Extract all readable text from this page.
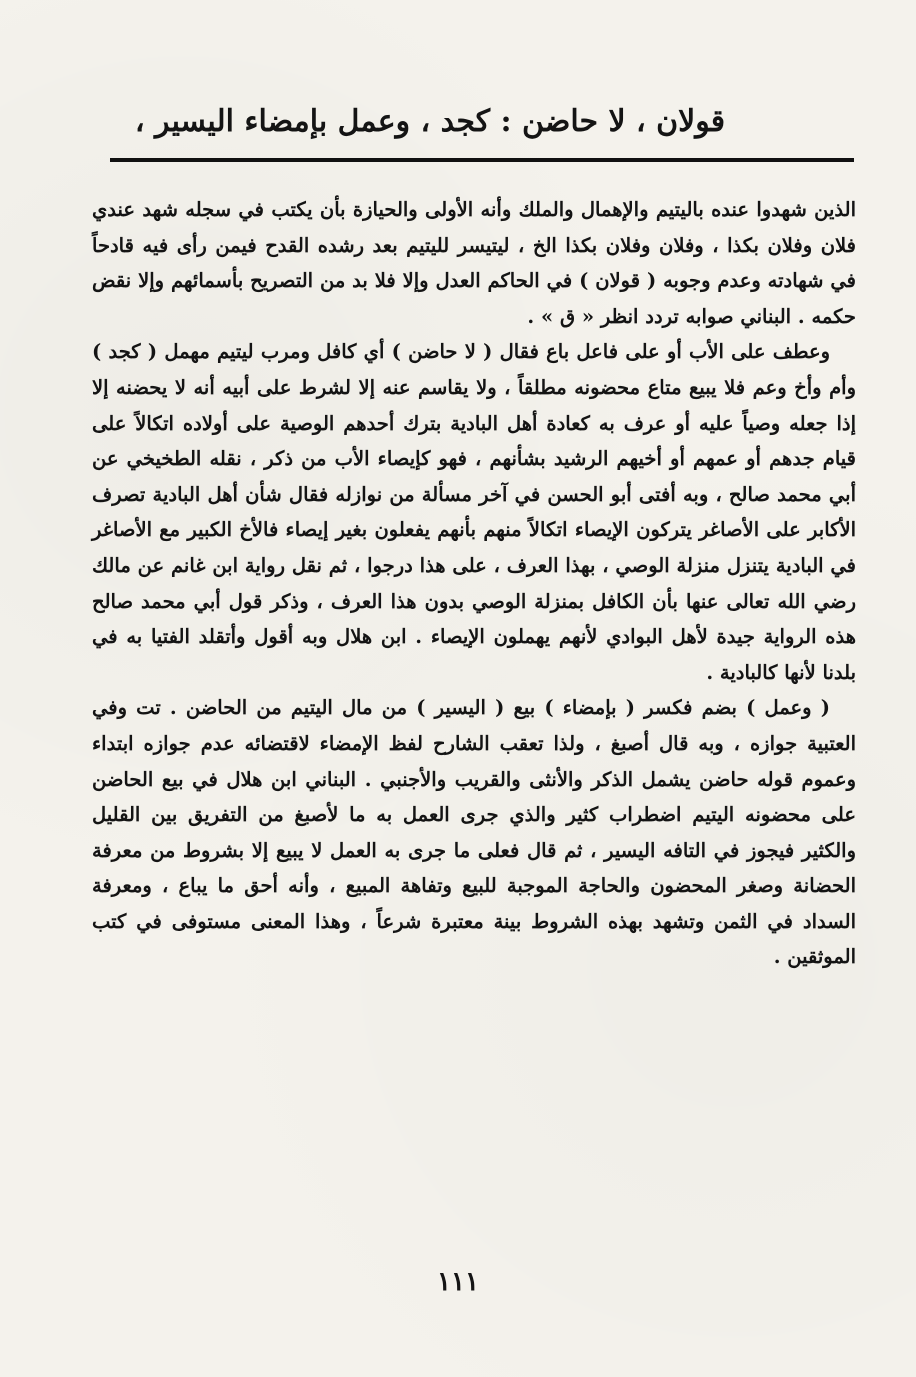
قولان ، لا حاضن : كجد ، وعمل بإمضاء اليسير ،

الذين شهدوا عنده باليتيم والإهمال والملك وأنه الأولى والحيازة بأن يكتب في سجله شهد عندي فلان وفلان بكذا ، وفلان وفلان بكذا الخ ، ليتيسر لليتيم بعد رشده القدح فيمن رأى فيه قادحاً في شهادته وعدم وجوبه ( قولان ) في الحاكم العدل وإلا فلا بد من التصريح بأسمائهم وإلا نقض حكمه . البناني صوابه تردد انظر « ق » .

وعطف على الأب أو على فاعل باع فقال ( لا حاضن ) أي كافل ومرب ليتيم مهمل ( كجد ) وأم وأخ وعم فلا يبيع متاع محضونه مطلقاً ، ولا يقاسم عنه إلا لشرط على أبيه أنه لا يحضنه إلا إذا جعله وصياً عليه أو عرف به كعادة أهل البادية بترك أحدهم الوصية على أولاده اتكالاً على قيام جدهم أو عمهم أو أخيهم الرشيد بشأنهم ، فهو كإيصاء الأب من ذكر ، نقله الطخيخي عن أبي محمد صالح ، وبه أفتى أبو الحسن في آخر مسألة من نوازله فقال شأن أهل البادية تصرف الأكابر على الأصاغر يتركون الإيصاء اتكالاً منهم بأنهم يفعلون بغير إيصاء فالأخ الكبير مع الأصاغر في البادية يتنزل منزلة الوصي ، بهذا العرف ، على هذا درجوا ، ثم نقل رواية ابن غانم عن مالك رضي الله تعالى عنها بأن الكافل بمنزلة الوصي بدون هذا العرف ، وذكر قول أبي محمد صالح هذه الرواية جيدة لأهل البوادي لأنهم يهملون الإيصاء . ابن هلال وبه أقول وأتقلد الفتيا به في بلدنا لأنها كالبادية .

( وعمل ) بضم فكسر ( بإمضاء ) بيع ( اليسير ) من مال اليتيم من الحاضن . تت وفي العتبية جوازه ، وبه قال أصبغ ، ولذا تعقب الشارح لفظ الإمضاء لاقتضائه عدم جوازه ابتداء وعموم قوله حاضن يشمل الذكر والأنثى والقريب والأجنبي . البناني ابن هلال في بيع الحاضن على محضونه اليتيم اضطراب كثير والذي جرى العمل به ما لأصبغ من التفريق بين القليل والكثير فيجوز في التافه اليسير ، ثم قال فعلى ما جرى به العمل لا يبيع إلا بشروط من معرفة الحضانة وصغر المحضون والحاجة الموجبة للبيع وتفاهة المبيع ، وأنه أحق ما يباع ، ومعرفة السداد في الثمن وتشهد بهذه الشروط بينة معتبرة شرعاً ، وهذا المعنى مستوفى في كتب الموثقين .

١١١
